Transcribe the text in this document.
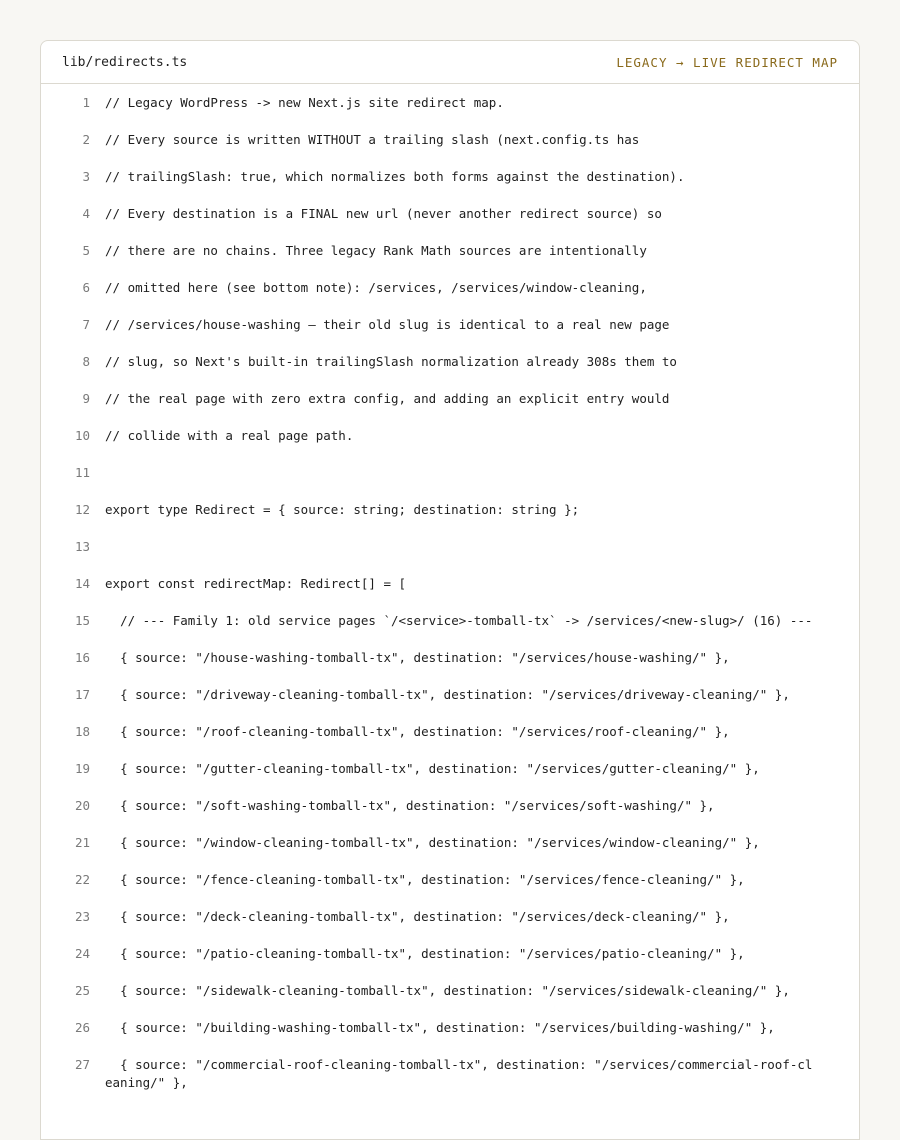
lib/redirects.ts	LEGACY → LIVE REDIRECT MAP
1	// Legacy WordPress -> new Next.js site redirect map.
2	// Every source is written WITHOUT a trailing slash (next.config.ts has
3	// trailingSlash: true, which normalizes both forms against the destination).
4	// Every destination is a FINAL new url (never another redirect source) so
5	// there are no chains. Three legacy Rank Math sources are intentionally
6	// omitted here (see bottom note): /services, /services/window-cleaning,
7	// /services/house-washing — their old slug is identical to a real new page
8	// slug, so Next's built-in trailingSlash normalization already 308s them to
9	// the real page with zero extra config, and adding an explicit entry would
10	// collide with a real page path.
11
12	export type Redirect = { source: string; destination: string };
13
14	export const redirectMap: Redirect[] = [
15	// --- Family 1: old service pages `/<service>-tomball-tx` -> /services/<new-slug>/ (16) ---
16	{ source: "/house-washing-tomball-tx", destination: "/services/house-washing/" },
17	{ source: "/driveway-cleaning-tomball-tx", destination: "/services/driveway-cleaning/" },
18	{ source: "/roof-cleaning-tomball-tx", destination: "/services/roof-cleaning/" },
19	{ source: "/gutter-cleaning-tomball-tx", destination: "/services/gutter-cleaning/" },
20	{ source: "/soft-washing-tomball-tx", destination: "/services/soft-washing/" },
21	{ source: "/window-cleaning-tomball-tx", destination: "/services/window-cleaning/" },
22	{ source: "/fence-cleaning-tomball-tx", destination: "/services/fence-cleaning/" },
23	{ source: "/deck-cleaning-tomball-tx", destination: "/services/deck-cleaning/" },
24	{ source: "/patio-cleaning-tomball-tx", destination: "/services/patio-cleaning/" },
25	{ source: "/sidewalk-cleaning-tomball-tx", destination: "/services/sidewalk-cleaning/" },
26	{ source: "/building-washing-tomball-tx", destination: "/services/building-washing/" },
27	{ source: "/commercial-roof-cleaning-tomball-tx", destination: "/services/commercial-roof-cleaning/" },
